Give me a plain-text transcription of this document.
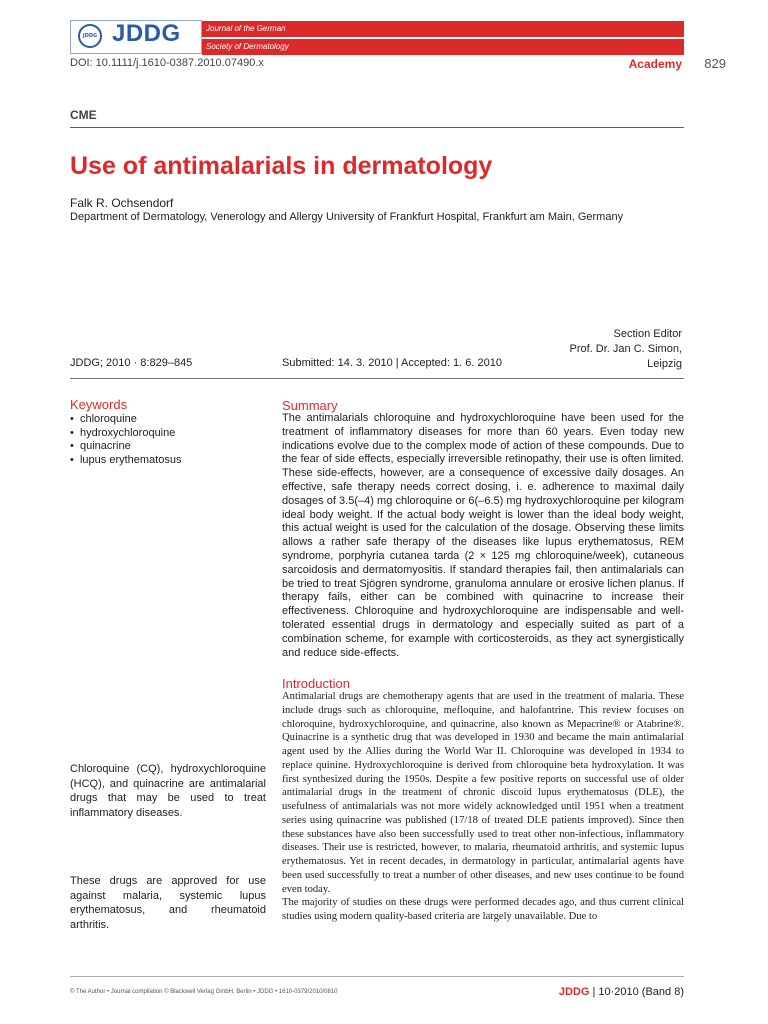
JDDG JDDG	Journal of the German
Society of Dermatology
DOI: 10.1111/j.1610-0387.2010.07490.x	Academy 829
CME
Use of antimalarials in dermatology
Falk R. Ochsendorf
Department of Dermatology, Venerology and Allergy University of Frankfurt Hospital, Frankfurt am Main, Germany
Section Editor
Prof. Dr. Jan C. Simon,
Leipzig
JDDG; 2010 · 8:829–845	Submitted: 14. 3. 2010 | Accepted: 1. 6. 2010
Keywords
•  chloroquine
•  hydroxychloroquine
•  quinacrine
•  lupus erythematosus
Summary
The antimalarials chloroquine and hydroxychloroquine have been used for the treatment of inflammatory diseases for more than 60 years. Even today new indications evolve due to the complex mode of action of these compounds. Due to the fear of side effects, especially irreversible retinopathy, their use is often limited. These side-effects, however, are a consequence of excessive daily dosages. An effective, safe therapy needs correct dosing, i. e. adherence to maximal daily dosages of 3.5(–4) mg chloroquine or 6(–6.5) mg hydroxychloroquine per kilogram ideal body weight. If the actual body weight is lower than the ideal body weight, this actual weight is used for the calculation of the dosage. Observing these limits allows a rather safe therapy of the diseases like lupus erythematosus, REM syndrome, porphyria cutanea tarda (2 × 125 mg chloroquine/week), cutaneous sarcoidosis and dermatomyositis. If standard therapies fail, then antimalarials can be tried to treat Sjögren syndrome, granuloma annulare or erosive lichen planus. If therapy fails, either can be combined with quinacrine to increase their effectiveness. Chloroquine and hydroxychloroquine are indispensable and well-tolerated essential drugs in dermatology and especially suited as part of a combination scheme, for example with corticosteroids, as they act synergistically and reduce side-effects.
Introduction
Antimalarial drugs are chemotherapy agents that are used in the treatment of malaria. These include drugs such as chloroquine, mefloquine, and halofantrine. This review focuses on chloroquine, hydroxychloroquine, and quinacrine, also known as Mepacrine® or Atabrine®. Quinacrine is a synthetic drug that was developed in 1930 and became the main antimalarial agent used by the Allies during the World War II. Chloroquine was developed in 1934 to replace quinine. Hydroxychloroquine is derived from chloroquine beta hydroxylation. It was first synthesized during the 1950s. Despite a few positive reports on successful use of older antimalarial drugs in the treatment of chronic discoid lupus erythematosus (DLE), the usefulness of antimalarials was not more widely acknowledged until 1951 when a treatment series using quinacrine was published (17/18 of treated DLE patients improved). Since then these substances have also been successfully used to treat other non-infectious, inflammatory diseases. Their use is restricted, however, to malaria, rheumatoid arthritis, and systemic lupus erythematosus. Yet in recent decades, in dermatology in particular, antimalarial agents have been used successfully to treat a number of other diseases, and new uses continue to be found even today.
The majority of studies on these drugs were performed decades ago, and thus current clinical studies using modern quality-based criteria are largely unavailable. Due to
Chloroquine (CQ), hydroxychloroquine (HCQ), and quinacrine are antimalarial drugs that may be used to treat inflammatory diseases.
These drugs are approved for use against malaria, systemic lupus erythematosus, and rheumatoid arthritis.
© The Author • Journal compilation © Blackwell Verlag GmbH, Berlin • JDDG • 1610-0379/2010/0810	JDDG | 10·2010 (Band 8)
